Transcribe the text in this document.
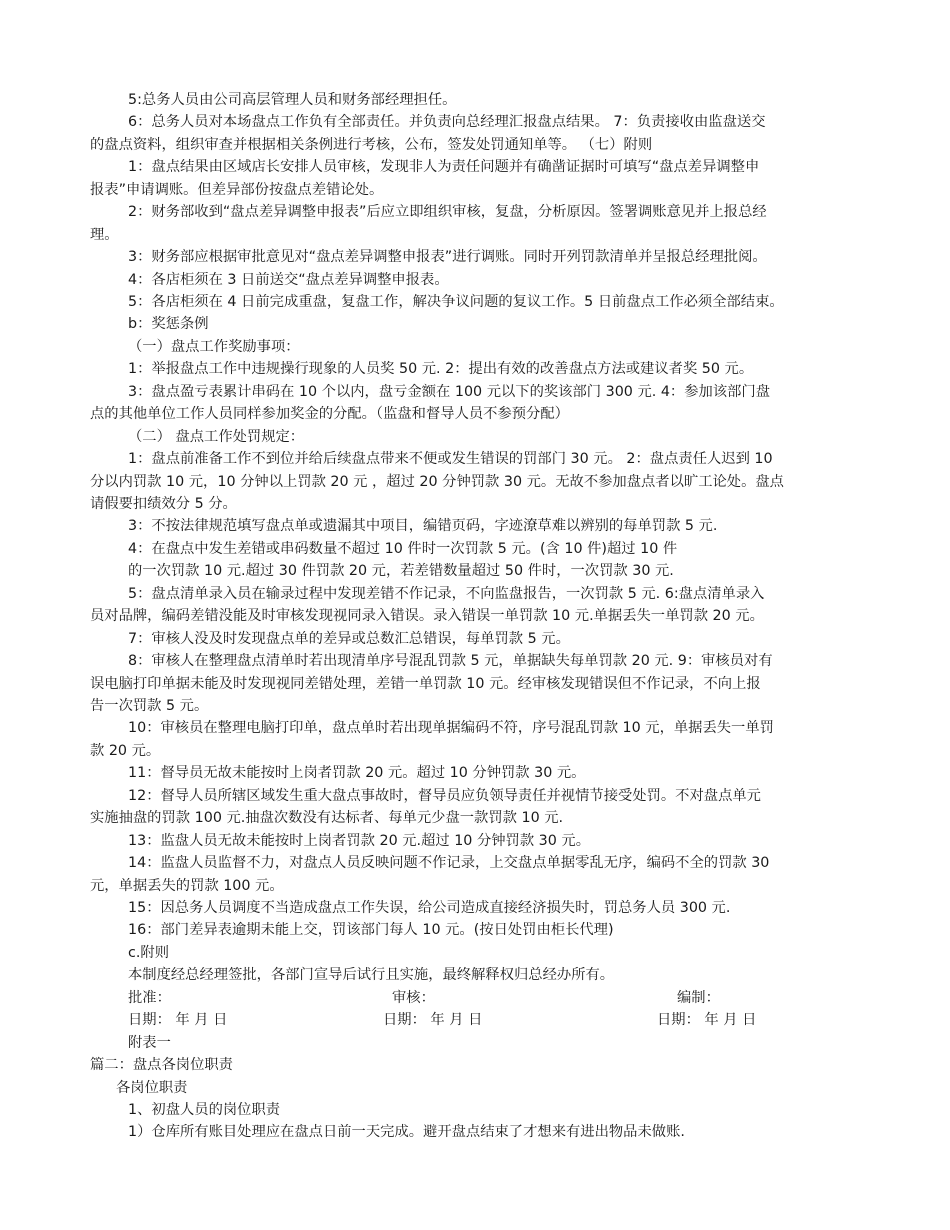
5:总务人员由公司高层管理人员和财务部经理担任。
6：总务人员对本场盘点工作负有全部责任。并负责向总经理汇报盘点结果。 7：负责接收由监盘送交
的盘点资料，组织审查并根据相关条例进行考核，公布，签发处罚通知单等。 （七）附则
1：盘点结果由区域店长安排人员审核，发现非人为责任问题并有确凿证据时可填写“盘点差异调整申
报表”申请调账。但差异部份按盘点差错论处。
2：财务部收到“盘点差异调整申报表”后应立即组织审核，复盘，分析原因。签署调账意见并上报总经
理。
3：财务部应根据审批意见对“盘点差异调整申报表”进行调账。同时开列罚款清单并呈报总经理批阅。
4：各店柜须在 3 日前送交“盘点差异调整申报表。
5：各店柜须在 4 日前完成重盘，复盘工作，解决争议问题的复议工作。5 日前盘点工作必须全部结束。
b：奖惩条例
（一）盘点工作奖励事项：
1：举报盘点工作中违规操行现象的人员奖 50 元. 2：提出有效的改善盘点方法或建议者奖 50 元。
3：盘点盈亏表累计串码在 10 个以内，盘亏金额在 100 元以下的奖该部门 300 元. 4：参加该部门盘
点的其他单位工作人员同样参加奖金的分配。（监盘和督导人员不参预分配）
（二） 盘点工作处罚规定：
1：盘点前准备工作不到位并给后续盘点带来不便或发生错误的罚部门 30 元。 2：盘点责任人迟到 10
分以内罚款 10 元，10 分钟以上罚款 20 元 ，超过 20 分钟罚款 30 元。无故不参加盘点者以旷工论处。盘点
请假要扣绩效分 5 分。
3：不按法律规范填写盘点单或遗漏其中项目，编错页码，字迹潦草难以辨别的每单罚款 5 元.
4：在盘点中发生差错或串码数量不超过 10 件时一次罚款 5 元。(含 10 件)超过 10 件
的一次罚款 10 元.超过 30 件罚款 20 元，若差错数量超过 50 件时，一次罚款 30 元.
5：盘点清单录入员在输录过程中发现差错不作记录，不向监盘报告，一次罚款 5 元. 6:盘点清单录入
员对品牌，编码差错没能及时审核发现视同录入错误。录入错误一单罚款 10 元.单据丢失一单罚款 20 元。
7：审核人没及时发现盘点单的差异或总数汇总错误，每单罚款 5 元。
8：审核人在整理盘点清单时若出现清单序号混乱罚款 5 元，单据缺失每单罚款 20 元. 9：审核员对有
误电脑打印单据未能及时发现视同差错处理，差错一单罚款 10 元。经审核发现错误但不作记录，不向上报
告一次罚款 5 元。
10：审核员在整理电脑打印单，盘点单时若出现单据编码不符，序号混乱罚款 10 元，单据丢失一单罚
款 20 元。
11：督导员无故未能按时上岗者罚款 20 元。超过 10 分钟罚款 30 元。
12：督导人员所辖区域发生重大盘点事故时，督导员应负领导责任并视情节接受处罚。不对盘点单元
实施抽盘的罚款 100 元.抽盘次数没有达标者、每单元少盘一款罚款 10 元.
13：监盘人员无故未能按时上岗者罚款 20 元.超过 10 分钟罚款 30 元。
14：监盘人员监督不力，对盘点人员反映问题不作记录，上交盘点单据零乱无序，编码不全的罚款 30
元，单据丢失的罚款 100 元。
15：因总务人员调度不当造成盘点工作失误，给公司造成直接经济损失时，罚总务人员 300 元.
16：部门差异表逾期未能上交，罚该部门每人 10 元。(按日处罚由柜长代理)
c.附则
本制度经总经理签批，各部门宣导后试行且实施，最终解释权归总经办所有。
批准：	审核：	编制：
日期： 年 月 日	日期： 年 月 日	日期： 年 月 日
附表一
篇二：盘点各岗位职责
各岗位职责
1、初盘人员的岗位职责
1）仓库所有账目处理应在盘点日前一天完成。避开盘点结束了才想来有进出物品未做账.
